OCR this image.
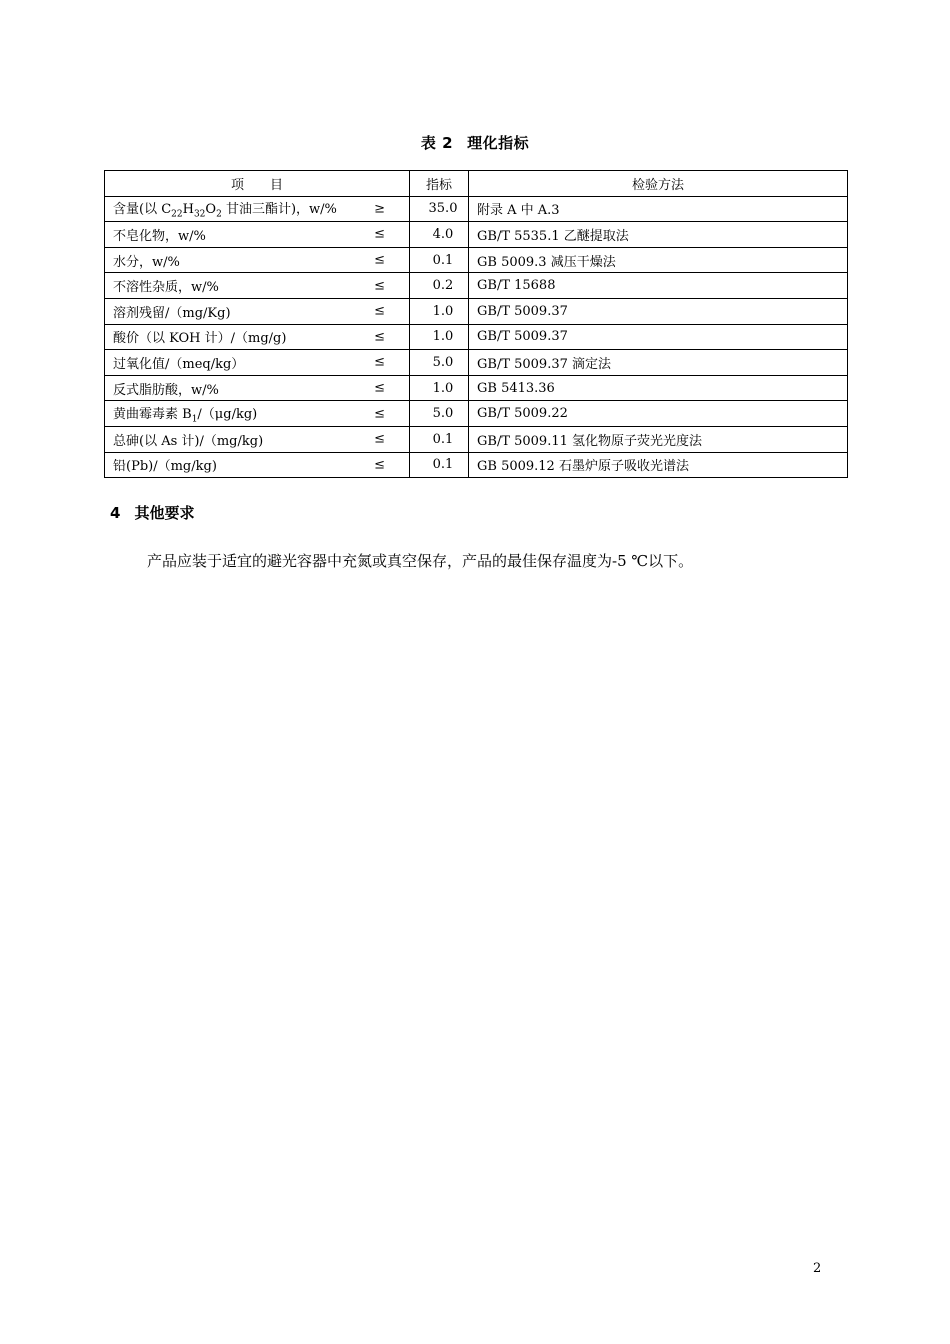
表 2 理化指标
项　　目	指标	检验方法
含量(以 $C_{22}H_{32}O_2$ 甘油三酯计)，w/% ≥	35.0	附录 A 中 A.3
不皂化物，w/% ≤	4.0	GB/T 5535.1 乙醚提取法
水分，w/% ≤	0.1	GB 5009.3 减压干燥法
不溶性杂质，w/% ≤	0.2	GB/T 15688
溶剂残留/（mg/Kg) ≤	1.0	GB/T 5009.37
酸价（以 KOH 计）/（mg/g) ≤	1.0	GB/T 5009.37
过氧化值/（meq/kg） ≤	5.0	GB/T 5009.37 滴定法
反式脂肪酸，w/% ≤	1.0	GB 5413.36
黄曲霉毒素 $B_1/(\mu g/kg)$ ≤	5.0	GB/T 5009.22
总砷(以 As 计)/（mg/kg) ≤	0.1	GB/T 5009.11 氢化物原子荧光光度法
铅(Pb)/（mg/kg) ≤	0.1	GB 5009.12 石墨炉原子吸收光谱法
4 其他要求
产品应装于适宜的避光容器中充氮或真空保存，产品的最佳保存温度为-5 ℃以下。
2
